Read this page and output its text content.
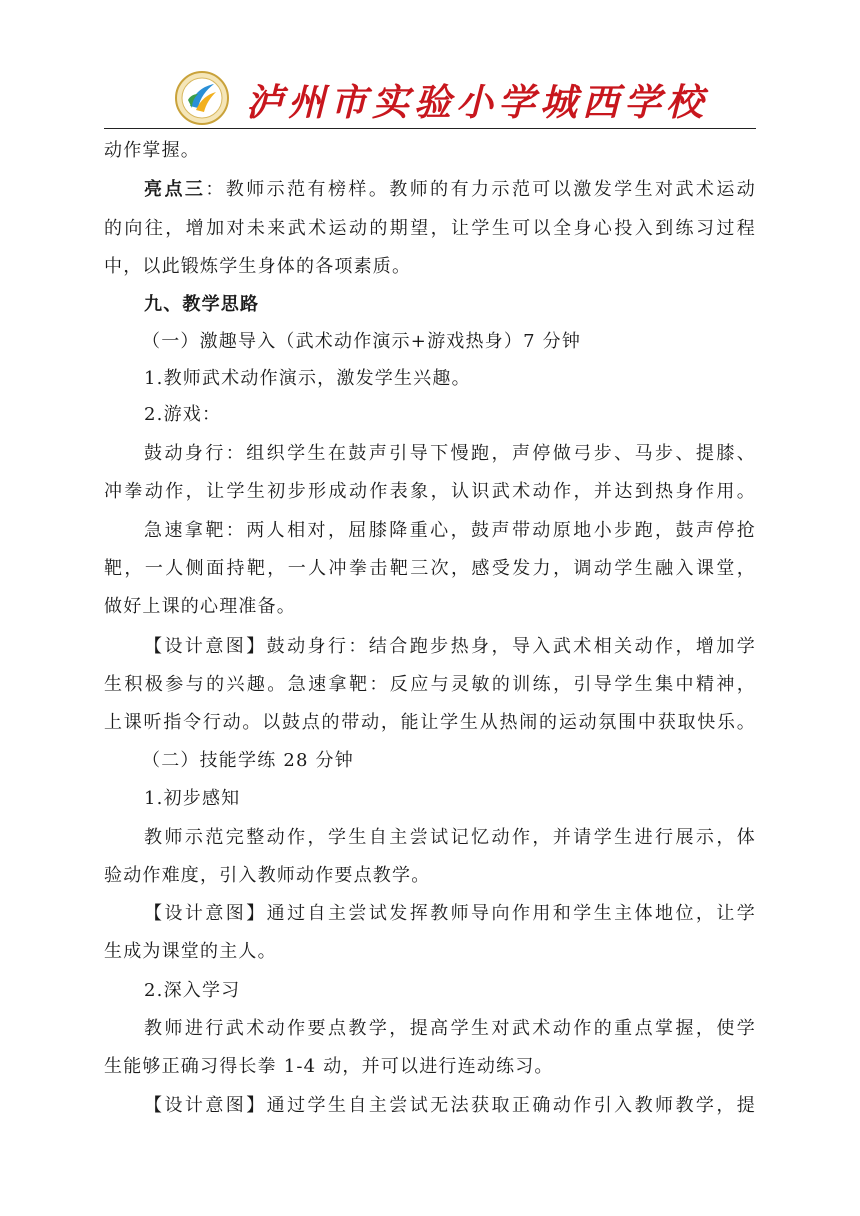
泸州市实验小学城西学校
动作掌握。
亮点三：教师示范有榜样。教师的有力示范可以激发学生对武术运动
的向往，增加对未来武术运动的期望，让学生可以全身心投入到练习过程
中，以此锻炼学生身体的各项素质。
九、教学思路
（一）激趣导入（武术动作演示+游戏热身）7 分钟
1.教师武术动作演示，激发学生兴趣。
2.游戏：
鼓动身行：组织学生在鼓声引导下慢跑，声停做弓步、马步、提膝、
冲拳动作，让学生初步形成动作表象，认识武术动作，并达到热身作用。
急速拿靶：两人相对，屈膝降重心，鼓声带动原地小步跑，鼓声停抢
靶，一人侧面持靶，一人冲拳击靶三次，感受发力，调动学生融入课堂，
做好上课的心理准备。
【设计意图】鼓动身行：结合跑步热身，导入武术相关动作，增加学
生积极参与的兴趣。急速拿靶：反应与灵敏的训练，引导学生集中精神，
上课听指令行动。以鼓点的带动，能让学生从热闹的运动氛围中获取快乐。
（二）技能学练 28 分钟
1.初步感知
教师示范完整动作，学生自主尝试记忆动作，并请学生进行展示，体
验动作难度，引入教师动作要点教学。
【设计意图】通过自主尝试发挥教师导向作用和学生主体地位，让学
生成为课堂的主人。
2.深入学习
教师进行武术动作要点教学，提高学生对武术动作的重点掌握，使学
生能够正确习得长拳 1-4 动，并可以进行连动练习。
【设计意图】通过学生自主尝试无法获取正确动作引入教师教学，提
